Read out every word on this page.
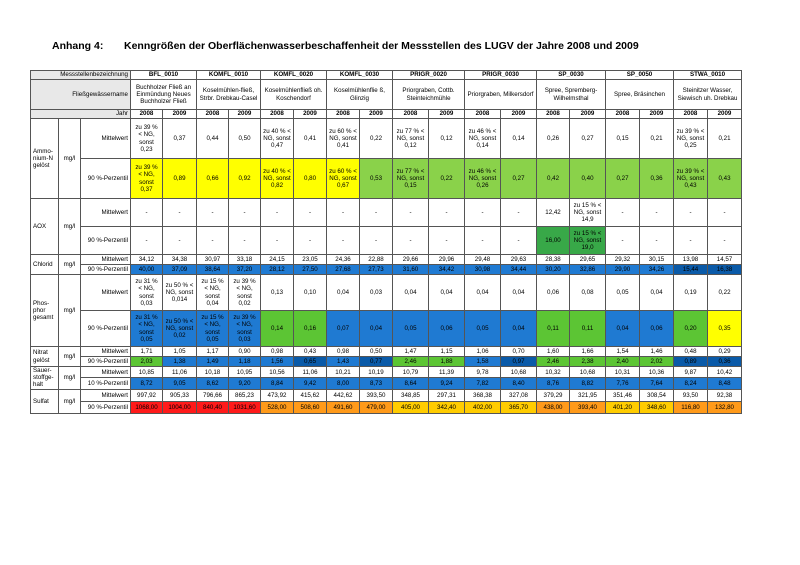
Anhang 4: Kenngrößen der Oberflächenwasserbeschaffenheit der Messstellen des LUGV der Jahre 2008 und 2009
Messstellenbezeichnung			BFL_0010		KOMFL_0010		KOMFL_0020		KOMFL_0030		PRIGR_0020		PRIGR_0030		SP_0030		SP_0050		STWA_0010	
Fließgewässername			Buchholzer Fließ an Einmündung Neues Buchholzer Fließ		Koselmühlen-fließ, Strbr. Drebkau-Casel		Koselmühlenfließ oh. Koschendorf		Koselmühlenflie ß, Glinzig		Priorgraben, Cottb. Steinteichmühle		Priorgraben, Milkersdorf		Spree, Spremberg-Wilhelmsthal		Spree, Bräsinchen		Steinitzer Wasser, Siewisch uh. Drebkau	
Jahr			2008	2009	2008	2009	2008	2009	2008	2009	2008	2009	2008	2009	2008	2009	2008	2009	2008	2009
Ammo-nium-N gelöst	mg/l	Mittelwert	zu 39 % < NG, sonst 0,23	0,37	0,44	0,50	zu 40 % < NG, sonst 0,47	0,41	zu 60 % < NG, sonst 0,41	0,22	zu 77 % < NG, sonst 0,12	0,12	zu 46 % < NG, sonst 0,14	0,14	0,26	0,27	0,15	0,21	zu 39 % < NG, sonst 0,25	0,21
		90 %-Perzentil	zu 39 % < NG, sonst 0,37	0,89	0,66	0,92	zu 40 % < NG, sonst 0,82	0,80	zu 60 % < NG, sonst 0,67	0,53	zu 77 % < NG, sonst 0,15	0,22	zu 46 % < NG, sonst 0,26	0,27	0,42	0,40	0,27	0,36	zu 39 % < NG, sonst 0,43	0,43
AOX	mg/l	Mittelwert	-	-	-	-	-	-	-	-	-	-	-	-	12,42	zu 15 % < NG, sonst 14,9	-	-	-	-
		90 %-Perzentil	-	-	-	-	-	-	-	-	-	-	-	-	16,00	zu 15 % < NG, sonst 19,0	-	-	-	-
Chlorid	mg/l	Mittelwert	34,12	34,38	30,97	33,18	24,15	23,05	24,36	22,88	29,66	29,96	29,48	29,63	28,38	29,65	29,32	30,15	13,98	14,57
		90 %-Perzentil	40,00	37,09	38,64	37,20	28,12	27,50	27,68	27,73	31,60	34,42	30,98	34,44	30,20	32,86	29,90	34,26	15,44	16,38
Phos-phor gesamt	mg/l	Mittelwert	zu 31 % < NG, sonst 0,03	zu 50 % < NG, sonst 0,014	zu 15 % < NG, sonst 0,04	zu 39 % < NG, sonst 0,02	0,13	0,10	0,04	0,03	0,04	0,04	0,04	0,04	0,06	0,08	0,05	0,04	0,19	0,22
		90 %-Perzentil	zu 31 % < NG, sonst 0,05	zu 50 % < NG, sonst 0,02	zu 15 % < NG, sonst 0,05	zu 39 % < NG, sonst 0,03	0,14	0,16	0,07	0,04	0,05	0,06	0,05	0,04	0,11	0,11	0,04	0,06	0,20	0,35
Nitrat gelöst	mg/l	Mittelwert	1,71	1,05	1,17	0,90	0,98	0,43	0,98	0,50	1,47	1,15	1,06	0,70	1,60	1,66	1,54	1,46	0,48	0,29
		90 %-Perzentil	2,03	1,38	1,49	1,18	1,56	0,65	1,43	0,77	2,46	1,88	1,58	0,97	2,46	2,38	2,40	2,02	0,89	0,36
Sauer-stoffge-halt	mg/l	Mittelwert	10,85	11,06	10,18	10,95	10,56	11,06	10,21	10,19	10,79	11,39	9,78	10,68	10,32	10,68	10,31	10,36	9,87	10,42
		10 %-Perzentil	8,72	9,05	8,62	9,20	8,84	9,42	8,00	8,73	8,64	9,24	7,82	8,40	8,76	8,82	7,76	7,64	8,24	8,48
Sulfat	mg/l	Mittelwert	997,92	905,33	796,66	865,23	473,92	415,62	442,62	393,50	348,85	297,31	368,38	327,08	379,29	321,95	351,46	308,54	93,50	92,38
		90 %-Perzentil	1068,00	1004,00	840,40	1031,60	528,00	508,60	491,60	479,00	405,00	342,40	402,00	365,70	438,00	393,40	401,20	348,60	116,80	132,80
